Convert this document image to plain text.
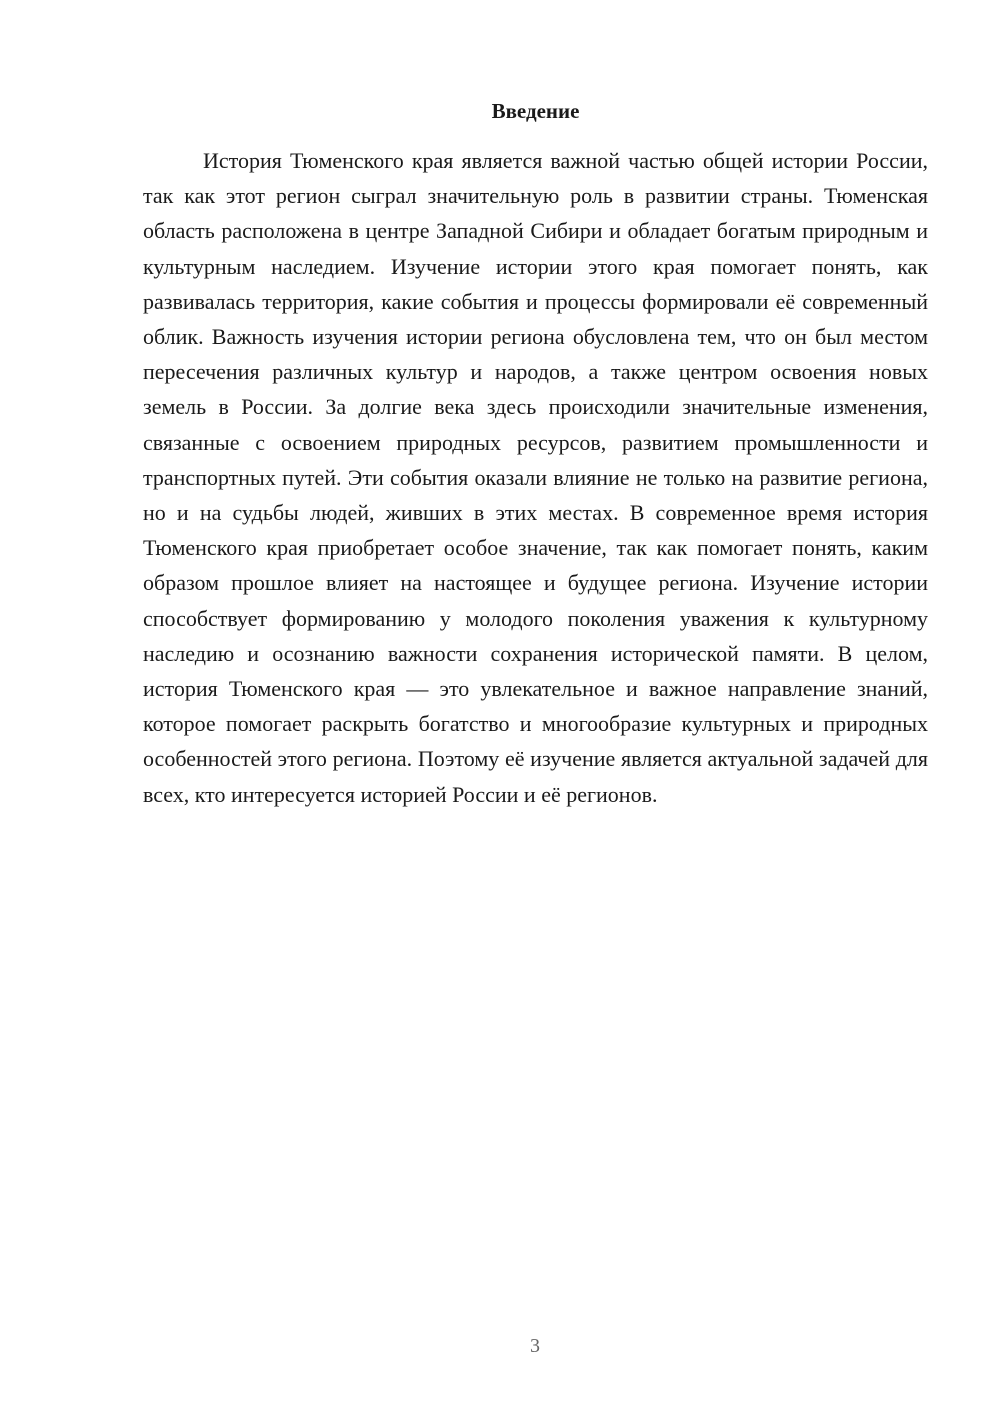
Введение

История Тюменского края является важной частью общей истории России, так как этот регион сыграл значительную роль в развитии страны. Тюменская область расположена в центре Западной Сибири и обладает богатым природным и культурным наследием. Изучение истории этого края помогает понять, как развивалась территория, какие события и процессы формировали её современный облик. Важность изучения истории региона обусловлена тем, что он был местом пересечения различных культур и народов, а также центром освоения новых земель в России. За долгие века здесь происходили значительные изменения, связанные с освоением природных ресурсов, развитием промышленности и транспортных путей. Эти события оказали влияние не только на развитие региона, но и на судьбы людей, живших в этих местах. В современное время история Тюменского края приобретает особое значение, так как помогает понять, каким образом прошлое влияет на настоящее и будущее региона. Изучение истории способствует формированию у молодого поколения уважения к культурному наследию и осознанию важности сохранения исторической памяти. В целом, история Тюменского края — это увлекательное и важное направление знаний, которое помогает раскрыть богатство и многообразие культурных и природных особенностей этого региона. Поэтому её изучение является актуальной задачей для всех, кто интересуется историей России и её регионов.

3
